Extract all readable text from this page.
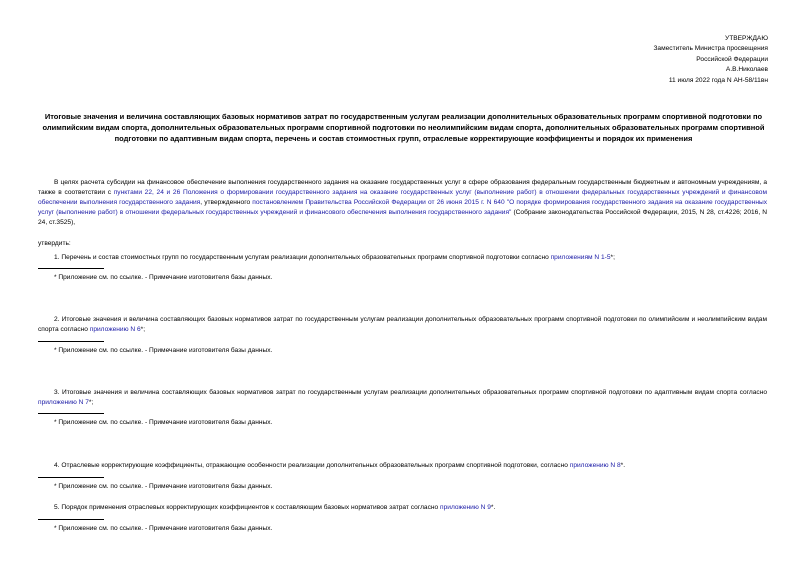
УТВЕРЖДАЮ
Заместитель Министра просвещения
Российской Федерации
А.В.Николаев
11 июля 2022 года N АН-58/11вн
Итоговые значения и величина составляющих базовых нормативов затрат по государственным услугам реализации дополнительных образовательных программ спортивной подготовки по олимпийским видам спорта, дополнительных образовательных программ спортивной подготовки по неолимпийским видам спорта, дополнительных образовательных программ спортивной подготовки по адаптивным видам спорта, перечень и состав стоимостных групп, отраслевые корректирующие коэффициенты и порядок их применения
В целях расчета субсидии на финансовое обеспечение выполнения государственного задания на оказание государственных услуг в сфере образования федеральным государственным бюджетным и автономным учреждениям, а также в соответствии с пунктами 22, 24 и 26 Положения о формировании государственного задания на оказание государственных услуг (выполнение работ) в отношении федеральных государственных учреждений и финансовом обеспечении выполнения государственного задания, утвержденного постановлением Правительства Российской Федерации от 26 июня 2015 г. N 640 "О порядке формирования государственного задания на оказание государственных услуг (выполнение работ) в отношении федеральных государственных учреждений и финансового обеспечения выполнения государственного задания" (Собрание законодательства Российской Федерации, 2015, N 28, ст.4226; 2016, N 24, ст.3525),
утвердить:
1. Перечень и состав стоимостных групп по государственным услугам реализации дополнительных образовательных программ спортивной подготовки согласно приложениям N 1-5*;
* Приложение см. по ссылке. - Примечание изготовителя базы данных.
2. Итоговые значения и величина составляющих базовых нормативов затрат по государственным услугам реализации дополнительных образовательных программ спортивной подготовки по олимпийским и неолимпийским видам спорта согласно приложению N 6*;
* Приложение см. по ссылке. - Примечание изготовителя базы данных.
3. Итоговые значения и величина составляющих базовых нормативов затрат по государственным услугам реализации дополнительных образовательных программ спортивной подготовки по адаптивным видам спорта согласно приложению N 7*;
* Приложение см. по ссылке. - Примечание изготовителя базы данных.
4. Отраслевые корректирующие коэффициенты, отражающие особенности реализации дополнительных образовательных программ спортивной подготовки, согласно приложению N 8*.
* Приложение см. по ссылке. - Примечание изготовителя базы данных.
5. Порядок применения отраслевых корректирующих коэффициентов к составляющим базовых нормативов затрат согласно приложению N 9*.
* Приложение см. по ссылке. - Примечание изготовителя базы данных.
